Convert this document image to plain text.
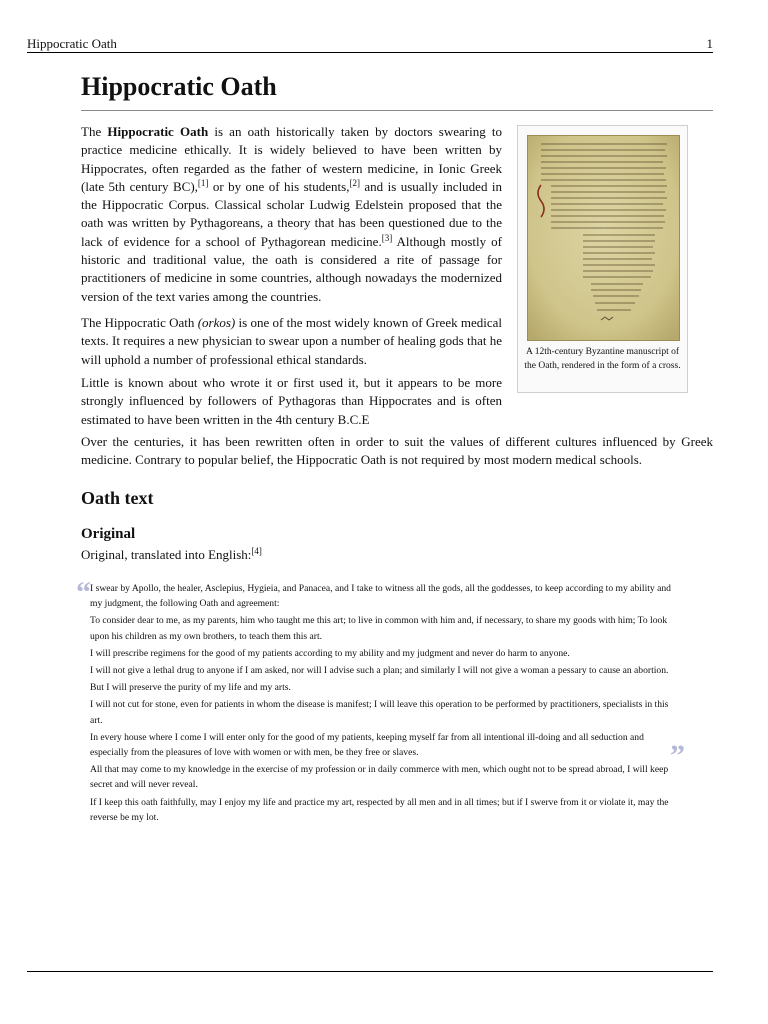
Hippocratic Oath	1
Hippocratic Oath

The Hippocratic Oath is an oath historically taken by doctors swearing to practice medicine ethically. It is widely believed to have been written by Hippocrates, often regarded as the father of western medicine, in Ionic Greek (late 5th century BC),[1] or by one of his students,[2] and is usually included in the Hippocratic Corpus. Classical scholar Ludwig Edelstein proposed that the oath was written by Pythagoreans, a theory that has been questioned due to the lack of evidence for a school of Pythagorean medicine.[3] Although mostly of historic and traditional value, the oath is considered a rite of passage for practitioners of medicine in some countries, although nowadays the modernized version of the text varies among the countries.

The Hippocratic Oath (orkos) is one of the most widely known of Greek medical texts. It requires a new physician to swear upon a number of healing gods that he will uphold a number of professional ethical standards.

Little is known about who wrote it or first used it, but it appears to be more strongly influenced by followers of Pythagoras than Hippocrates and is often estimated to have been written in the 4th century B.C.E

Over the centuries, it has been rewritten often in order to suit the values of different cultures influenced by Greek medicine. Contrary to popular belief, the Hippocratic Oath is not required by most modern medical schools.

A 12th-century Byzantine manuscript of the Oath, rendered in the form of a cross.
Oath text
Original
Original, translated into English:[4]
“ I swear by Apollo, the healer, Asclepius, Hygieia, and Panacea, and I take to witness all the gods, all the goddesses, to keep according to my ability and my judgment, the following Oath and agreement:

To consider dear to me, as my parents, him who taught me this art; to live in common with him and, if necessary, to share my goods with him; To look upon his children as my own brothers, to teach them this art.

I will prescribe regimens for the good of my patients according to my ability and my judgment and never do harm to anyone.

I will not give a lethal drug to anyone if I am asked, nor will I advise such a plan; and similarly I will not give a woman a pessary to cause an abortion.

But I will preserve the purity of my life and my arts.

I will not cut for stone, even for patients in whom the disease is manifest; I will leave this operation to be performed by practitioners, specialists in this art.

In every house where I come I will enter only for the good of my patients, keeping myself far from all intentional ill-doing and all seduction and especially from the pleasures of love with women or with men, be they free or slaves.

All that may come to my knowledge in the exercise of my profession or in daily commerce with men, which ought not to be spread abroad, I will keep secret and will never reveal.

If I keep this oath faithfully, may I enjoy my life and practice my art, respected by all men and in all times; but if I swerve from it or violate it, may the reverse be my lot.

”
